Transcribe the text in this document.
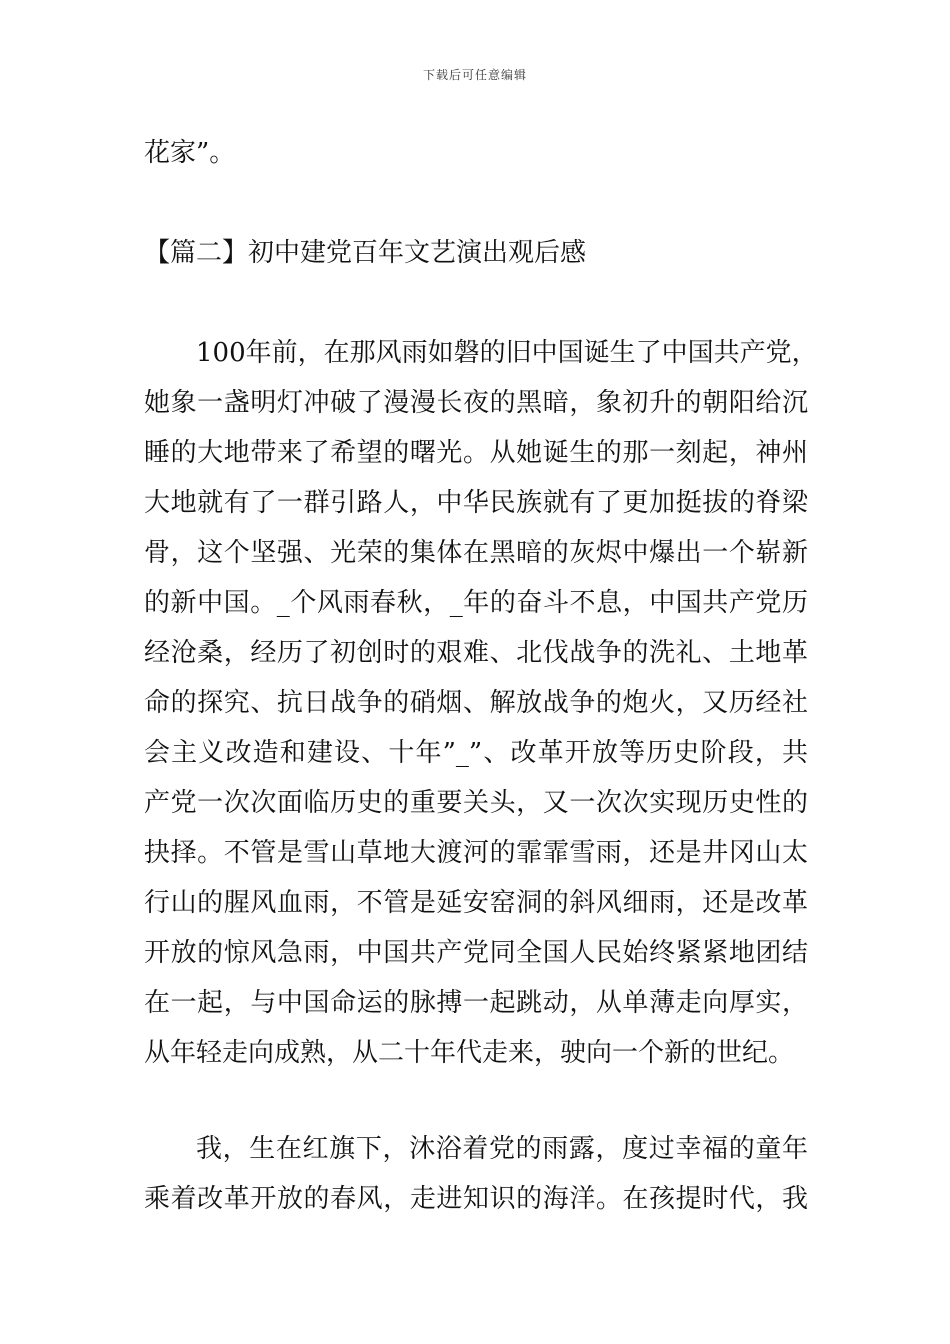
下载后可任意编辑
花家”。
【篇二】初中建党百年文艺演出观后感
100年前，在那风雨如磐的旧中国诞生了中国共产党，
她象一盏明灯冲破了漫漫长夜的黑暗，象初升的朝阳给沉
睡的大地带来了希望的曙光。从她诞生的那一刻起，神州
大地就有了一群引路人，中华民族就有了更加挺拔的脊梁
骨，这个坚强、光荣的集体在黑暗的灰烬中爆出一个崭新
的新中国。_个风雨春秋，_年的奋斗不息，中国共产党历
经沧桑，经历了初创时的艰难、北伐战争的洗礼、土地革
命的探究、抗日战争的硝烟、解放战争的炮火，又历经社
会主义改造和建设、十年”_”、改革开放等历史阶段，共
产党一次次面临历史的重要关头，又一次次实现历史性的
抉择。不管是雪山草地大渡河的霏霏雪雨，还是井冈山太
行山的腥风血雨，不管是延安窑洞的斜风细雨，还是改革
开放的惊风急雨，中国共产党同全国人民始终紧紧地团结
在一起，与中国命运的脉搏一起跳动，从单薄走向厚实，
从年轻走向成熟，从二十年代走来，驶向一个新的世纪。
我，生在红旗下，沐浴着党的雨露，度过幸福的童年
乘着改革开放的春风，走进知识的海洋。在孩提时代，我
